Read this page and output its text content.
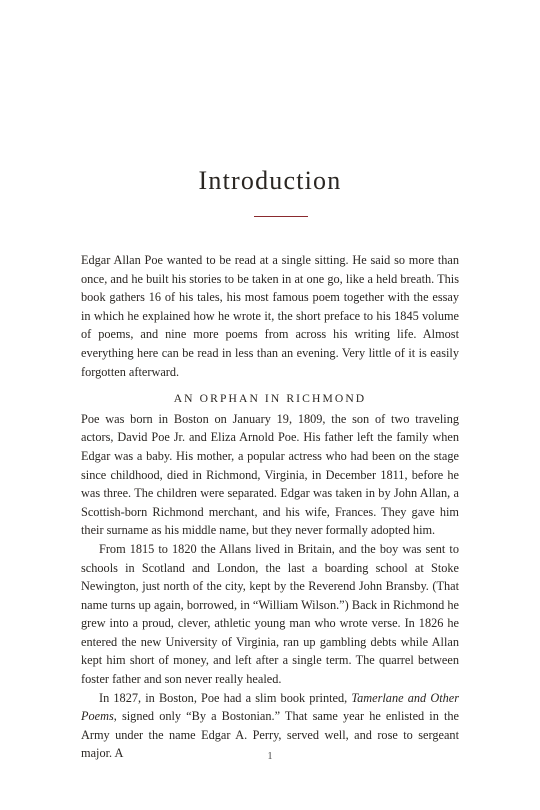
Introduction

Edgar Allan Poe wanted to be read at a single sitting. He said so more than once, and he built his stories to be taken in at one go, like a held breath. This book gathers 16 of his tales, his most famous poem together with the essay in which he explained how he wrote it, the short preface to his 1845 volume of poems, and nine more poems from across his writing life. Almost everything here can be read in less than an evening. Very little of it is easily forgotten afterward.

AN ORPHAN IN RICHMOND

Poe was born in Boston on January 19, 1809, the son of two traveling actors, David Poe Jr. and Eliza Arnold Poe. His father left the family when Edgar was a baby. His mother, a popular actress who had been on the stage since childhood, died in Richmond, Virginia, in December 1811, before he was three. The children were separated. Edgar was taken in by John Allan, a Scottish-born Richmond merchant, and his wife, Frances. They gave him their surname as his middle name, but they never formally adopted him.

From 1815 to 1820 the Allans lived in Britain, and the boy was sent to schools in Scotland and London, the last a boarding school at Stoke Newington, just north of the city, kept by the Reverend John Bransby. (That name turns up again, borrowed, in “William Wilson.”) Back in Richmond he grew into a proud, clever, athletic young man who wrote verse. In 1826 he entered the new University of Virginia, ran up gambling debts while Allan kept him short of money, and left after a single term. The quarrel between foster father and son never really healed.

In 1827, in Boston, Poe had a slim book printed, Tamerlane and Other Poems, signed only “By a Bostonian.” That same year he enlisted in the Army under the name Edgar A. Perry, served well, and rose to sergeant major. A	1
